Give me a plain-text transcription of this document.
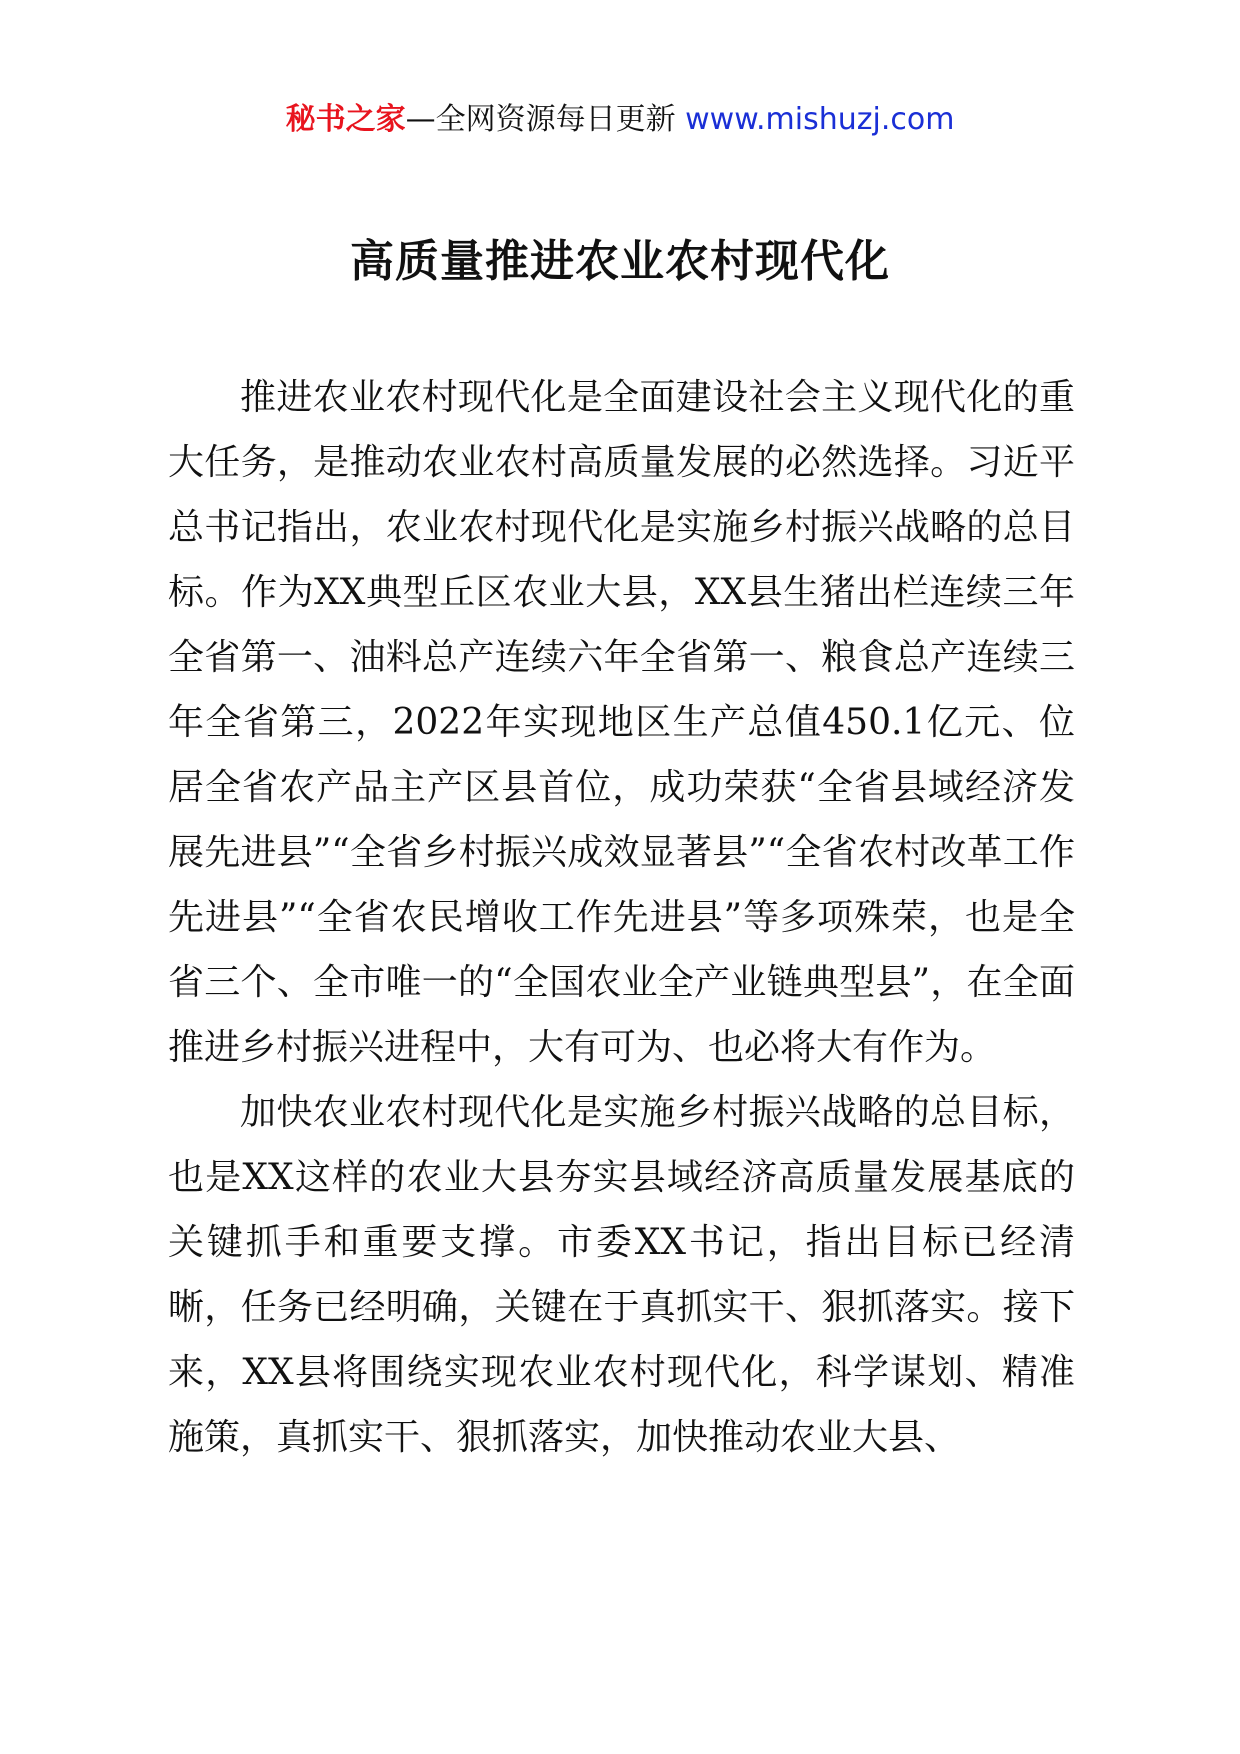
秘书之家—全网资源每日更新 www.mishuzj.com
高质量推进农业农村现代化

推进农业农村现代化是全面建设社会主义现代化的重大任务，是推动农业农村高质量发展的必然选择。习近平总书记指出，农业农村现代化是实施乡村振兴战略的总目标。作为XX典型丘区农业大县，XX县生猪出栏连续三年全省第一、油料总产连续六年全省第一、粮食总产连续三年全省第三，2022年实现地区生产总值450.1亿元、位居全省农产品主产区县首位，成功荣获“全省县域经济发展先进县”“全省乡村振兴成效显著县”“全省农村改革工作先进县”“全省农民增收工作先进县”等多项殊荣，也是全省三个、全市唯一的“全国农业全产业链典型县”，在全面推进乡村振兴进程中，大有可为、也必将大有作为。

加快农业农村现代化是实施乡村振兴战略的总目标，也是XX这样的农业大县夯实县域经济高质量发展基底的关键抓手和重要支撑。市委XX书记，指出目标已经清晰，任务已经明确，关键在于真抓实干、狠抓落实。接下来，XX县将围绕实现农业农村现代化，科学谋划、精准施策，真抓实干、狠抓落实，加快推动农业大县、
